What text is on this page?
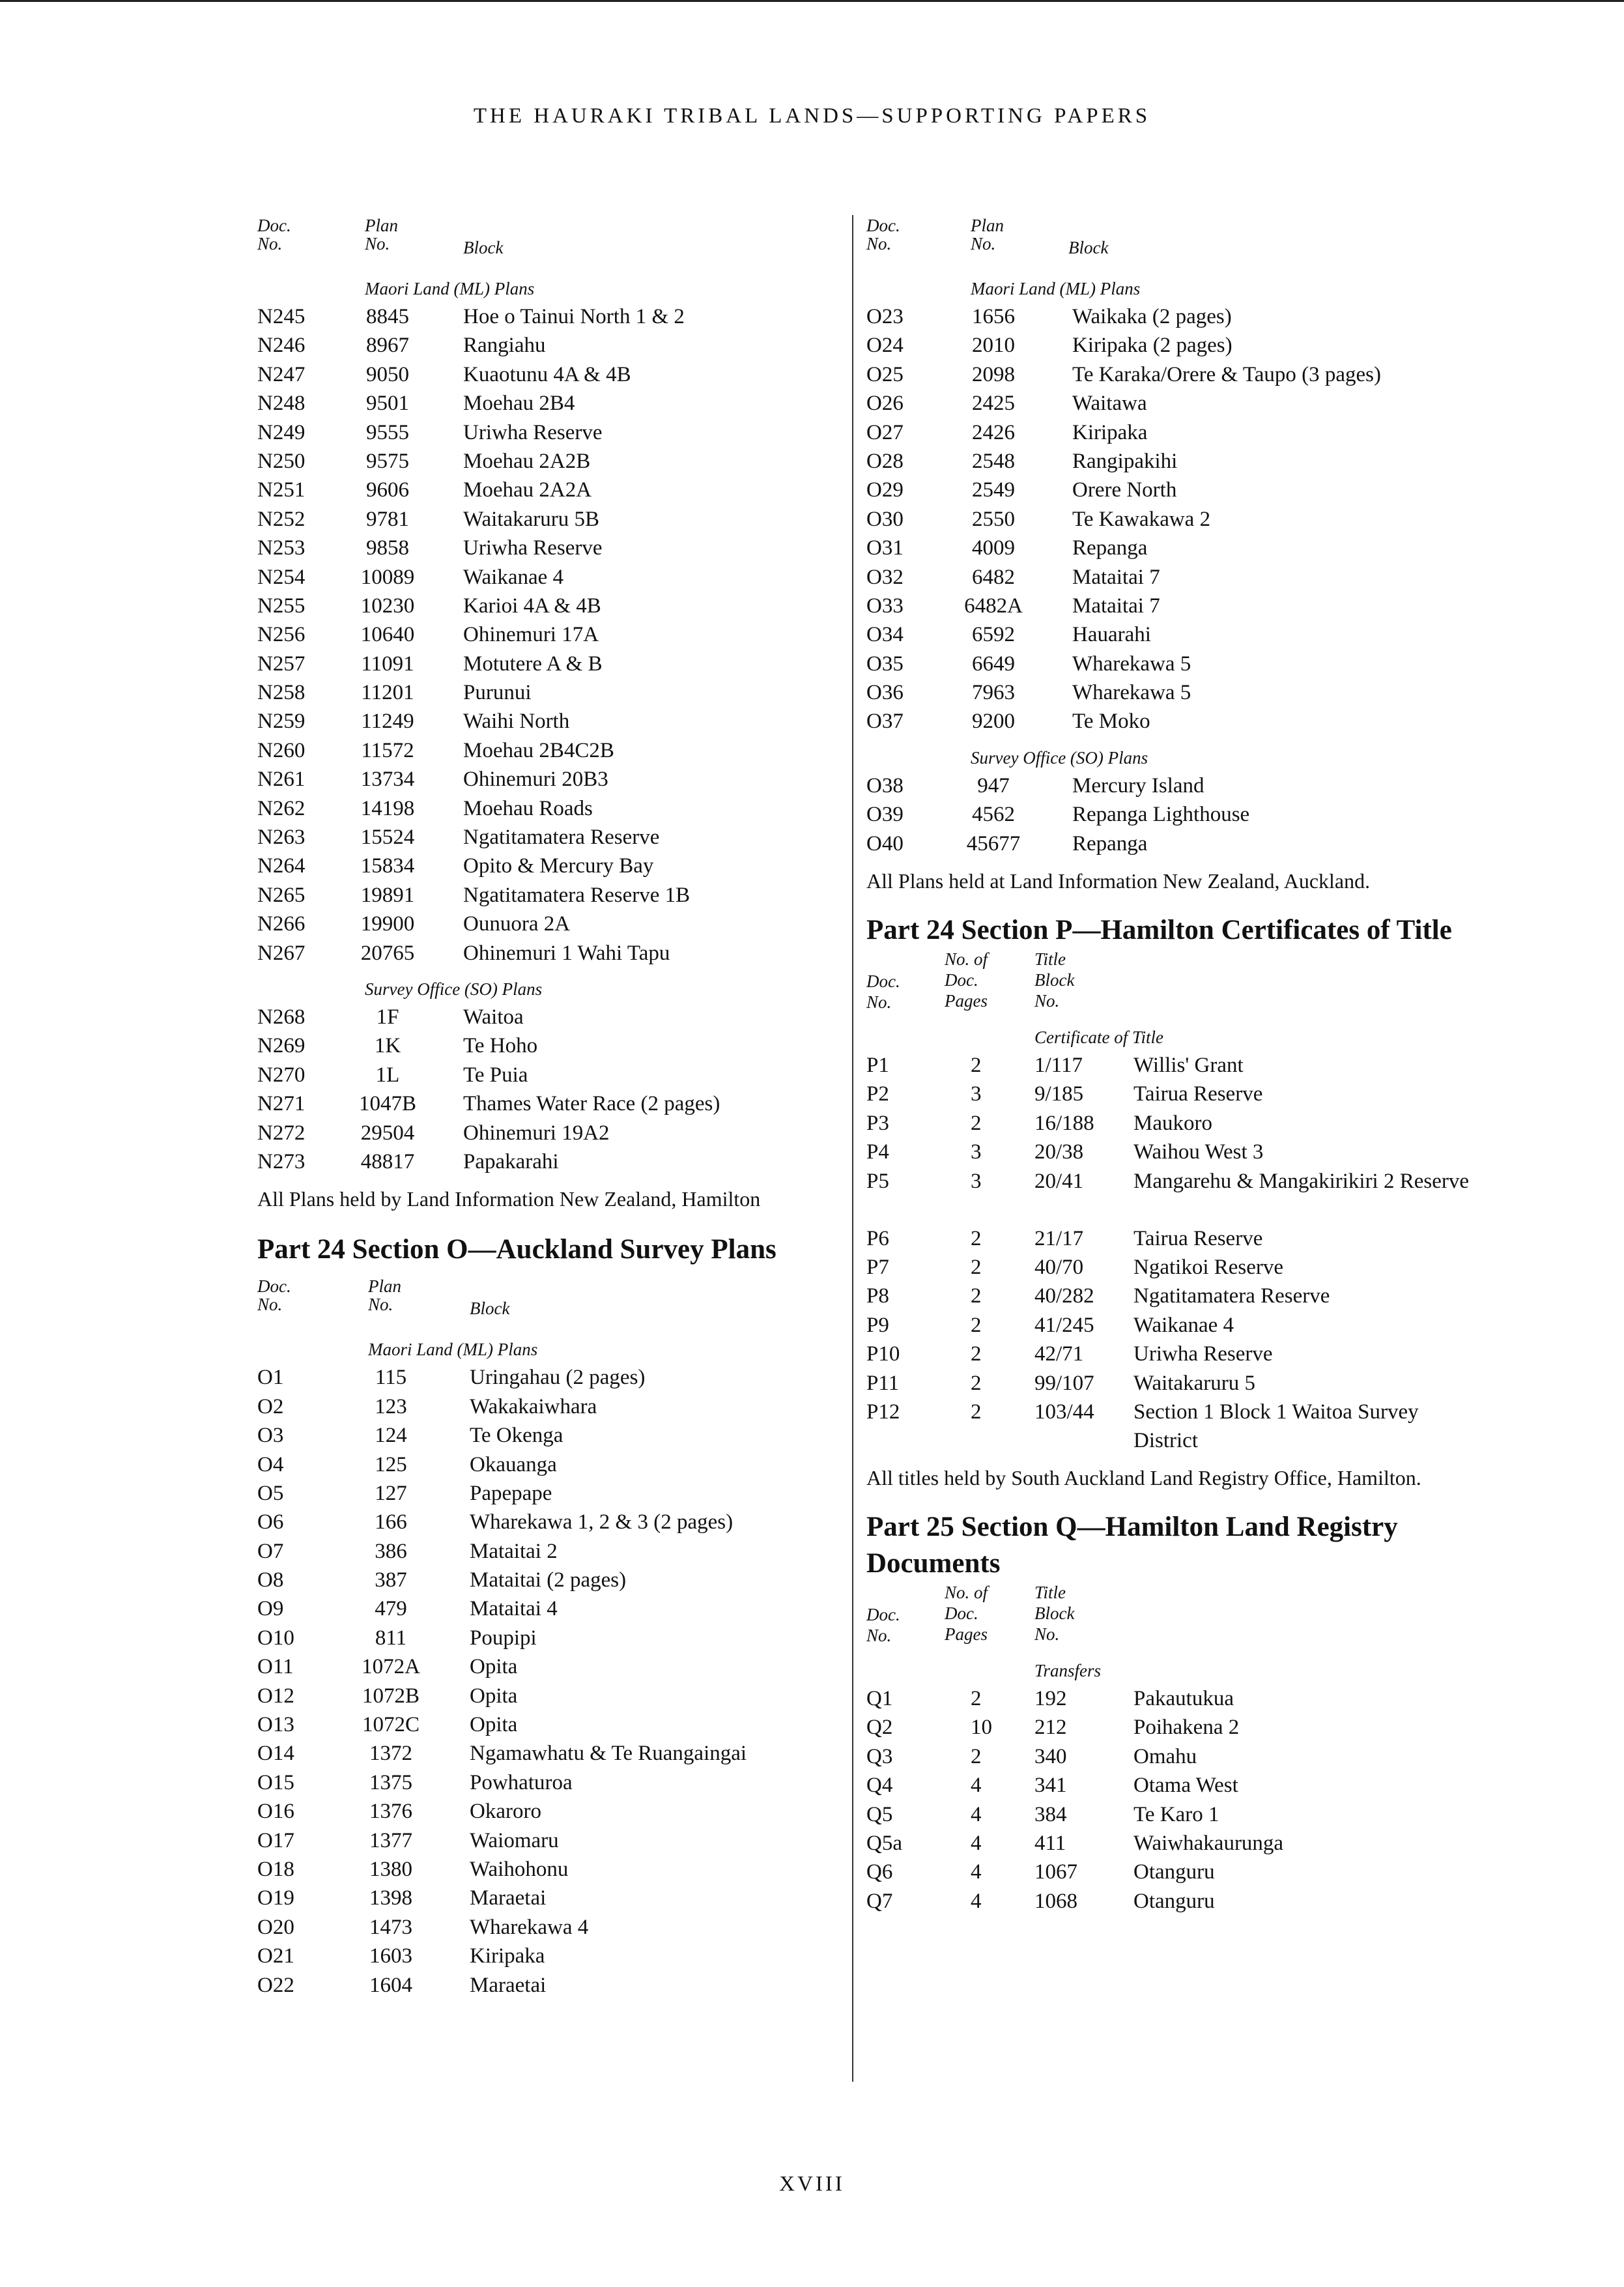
THE HAURAKI TRIBAL LANDS—SUPPORTING PAPERS
Doc.
No.
Plan
No.	Block
Maori Land (ML) Plans
N245	8845	Hoe o Tainui North 1 & 2
N246	8967	Rangiahu
N247	9050	Kuaotunu 4A & 4B
N248	9501	Moehau 2B4
N249	9555	Uriwha Reserve
N250	9575	Moehau 2A2B
N251	9606	Moehau 2A2A
N252	9781	Waitakaruru 5B
N253	9858	Uriwha Reserve
N254	10089	Waikanae 4
N255	10230	Karioi 4A & 4B
N256	10640	Ohinemuri 17A
N257	11091	Motutere A & B
N258	11201	Purunui
N259	11249	Waihi North
N260	11572	Moehau 2B4C2B
N261	13734	Ohinemuri 20B3
N262	14198	Moehau Roads
N263	15524	Ngatitamatera Reserve
N264	15834	Opito & Mercury Bay
N265	19891	Ngatitamatera Reserve 1B
N266	19900	Ounuora 2A
N267	20765	Ohinemuri 1 Wahi Tapu
Survey Office (SO) Plans
N268	1F	Waitoa
N269	1K	Te Hoho
N270	1L	Te Puia
N271	1047B	Thames Water Race (2 pages)
N272	29504	Ohinemuri 19A2
N273	48817	Papakarahi

All Plans held by Land Information New Zealand, Hamilton

Part 24 Section O—Auckland Survey Plans
Doc.
No.
Plan
No.	Block
Maori Land (ML) Plans
O1	115	Uringahau (2 pages)
O2	123	Wakakaiwhara
O3	124	Te Okenga
O4	125	Okauanga
O5	127	Papepape
O6	166	Wharekawa 1, 2 & 3 (2 pages)
O7	386	Mataitai 2
O8	387	Mataitai (2 pages)
O9	479	Mataitai 4
O10	811	Poupipi
O11	1072A	Opita
O12	1072B	Opita
O13	1072C	Opita
O14	1372	Ngamawhatu & Te Ruangaingai
O15	1375	Powhaturoa
O16	1376	Okaroro
O17	1377	Waiomaru
O18	1380	Waihohonu
O19	1398	Maraetai
O20	1473	Wharekawa 4
O21	1603	Kiripaka
O22	1604	Maraetai
Doc.
No.
Plan
No.	Block
Maori Land (ML) Plans
O23	1656	Waikaka (2 pages)
O24	2010	Kiripaka (2 pages)
O25	2098	Te Karaka/Orere & Taupo (3 pages)
O26	2425	Waitawa
O27	2426	Kiripaka
O28	2548	Rangipakihi
O29	2549	Orere North
O30	2550	Te Kawakawa 2
O31	4009	Repanga
O32	6482	Mataitai 7
O33	6482A	Mataitai 7
O34	6592	Hauarahi
O35	6649	Wharekawa 5
O36	7963	Wharekawa 5
O37	9200	Te Moko
Survey Office (SO) Plans
O38	947	Mercury Island
O39	4562	Repanga Lighthouse
O40	45677	Repanga

All Plans held at Land Information New Zealand, Auckland.

Part 24 Section P—Hamilton Certificates of Title
Doc.
No.
No. of
Doc.
Pages
Title
Block
No.
Certificate of Title
P1	2 1/117 Willis' Grant
P2	3 9/185 Tairua Reserve
P3	2 16/188 Maukoro
P4	3 20/38 Waihou West 3
P5	3 20/41 Mangarehu & Mangakirikiri 2 Reserve
P6	2 21/17 Tairua Reserve
P7	2 40/70 Ngatikoi Reserve
P8	2 40/282 Ngatitamatera Reserve
P9	2 41/245 Waikanae 4
P10	2 42/71 Uriwha Reserve
P11	2 99/107 Waitakaruru 5
P12	2 103/44 Section 1 Block 1 Waitoa Survey District

All titles held by South Auckland Land Registry Office, Hamilton.

Part 25 Section Q—Hamilton Land Registry Documents
Doc.
No.
No. of
Doc.
Pages
Title
Block
No.
Transfers
Q1	2 192	Pakautukua
Q2	10 212	Poihakena 2
Q3	2 340	Omahu
Q4	4 341	Otama West
Q5	4 384	Te Karo 1
Q5a	4 411	Waiwhakaurunga
Q6	4 1067	Otanguru
Q7	4 1068	Otanguru
XVIII
